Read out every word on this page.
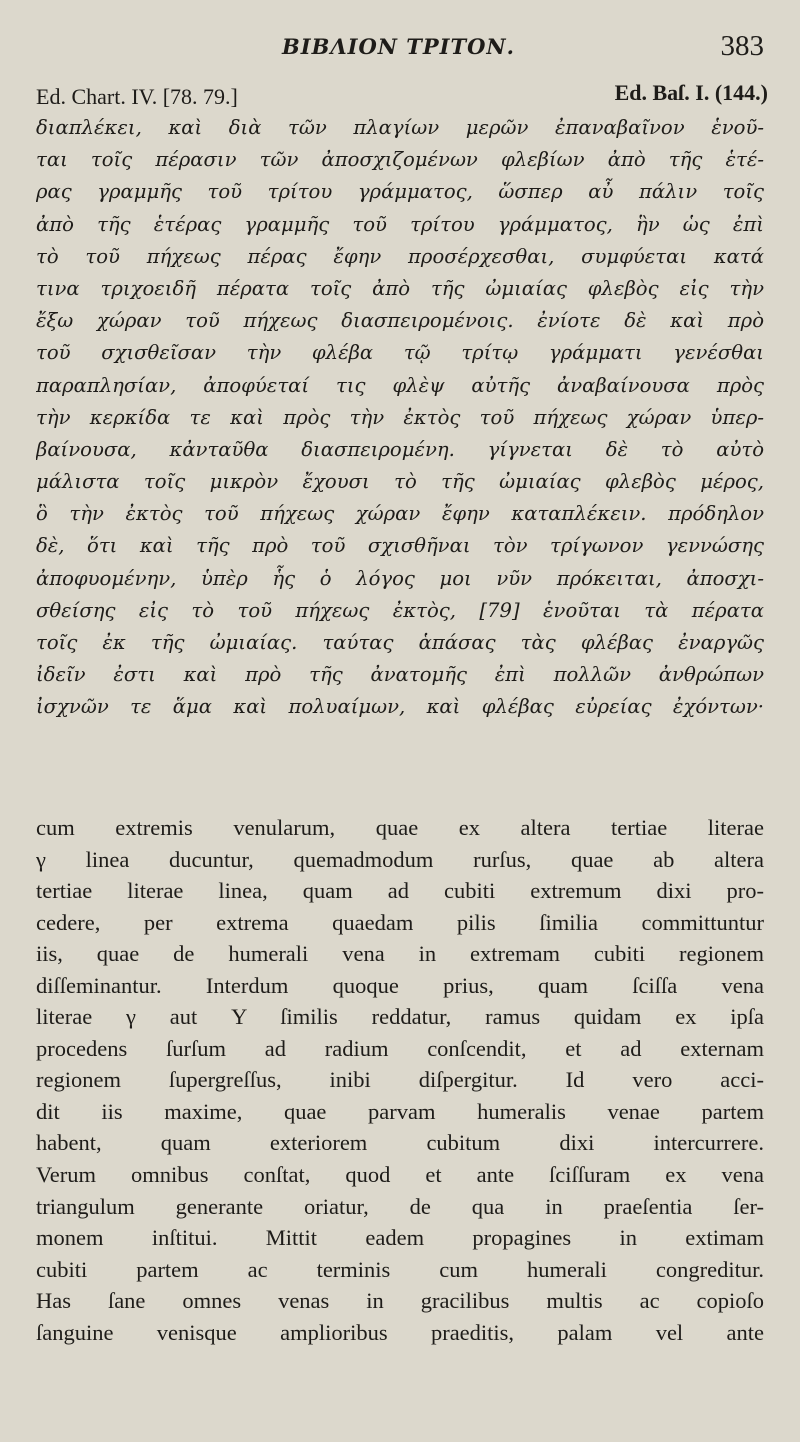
ΒΙΒΛΙΟΝ ΤΡΙΤΟΝ.	383
Ed. Chart. IV. [78. 79.]	Ed. Baſ. I. (144.)
διαπλέκει, καὶ διὰ τῶν πλαγίων μερῶν ἐπαναβαῖνον ἑνοῦ-
ται τοῖς πέρασιν τῶν ἀποσχιζομένων φλεβίων ἀπὸ τῆς ἑτέ-
ρας γραμμῆς τοῦ τρίτου γράμματος, ὥσπερ αὖ πάλιν τοῖς
ἀπὸ τῆς ἑτέρας γραμμῆς τοῦ τρίτου γράμματος, ἣν ὡς ἐπὶ
τὸ τοῦ πήχεως πέρας ἔφην προσέρχεσθαι, συμφύεται κατά
τινα τριχοειδῆ πέρατα τοῖς ἀπὸ τῆς ὠμιαίας φλεβὸς εἰς τὴν
ἔξω χώραν τοῦ πήχεως διασπειρομένοις. ἐνίοτε δὲ καὶ πρὸ
τοῦ σχισθεῖσαν τὴν φλέβα τῷ τρίτῳ γράμματι γενέσθαι
παραπλησίαν, ἀποφύεταί τις φλὲψ αὐτῆς ἀναβαίνουσα πρὸς
τὴν κερκίδα τε καὶ πρὸς τὴν ἐκτὸς τοῦ πήχεως χώραν ὑπερ-
βαίνουσα, κἀνταῦθα διασπειρομένη. γίγνεται δὲ τὸ αὐτὸ
μάλιστα τοῖς μικρὸν ἔχουσι τὸ τῆς ὠμιαίας φλεβὸς μέρος,
ὃ τὴν ἐκτὸς τοῦ πήχεως χώραν ἔφην καταπλέκειν. πρόδηλον
δὲ, ὅτι καὶ τῆς πρὸ τοῦ σχισθῆναι τὸν τρίγωνον γεννώσης
ἀποφυομένην, ὑπὲρ ἧς ὁ λόγος μοι νῦν πρόκειται, ἀποσχι-
σθείσης εἰς τὸ τοῦ πήχεως ἐκτὸς, [79] ἑνοῦται τὰ πέρατα
τοῖς ἐκ τῆς ὠμιαίας. ταύτας ἁπάσας τὰς φλέβας ἐναργῶς
ἰδεῖν ἐστι καὶ πρὸ τῆς ἀνατομῆς ἐπὶ πολλῶν ἀνθρώπων
ἰσχνῶν τε ἅμα καὶ πολυαίμων, καὶ φλέβας εὐρείας ἐχόντων·
cum extremis venularum, quae ex altera tertiae literae
γ linea ducuntur, quemadmodum rurſus, quae ab altera
tertiae literae linea, quam ad cubiti extremum dixi pro-
cedere, per extrema quaedam pilis ſimilia committuntur
iis, quae de humerali vena in extremam cubiti regionem
diſſeminantur. Interdum quoque prius, quam ſciſſa vena
literae γ aut Υ ſimilis reddatur, ramus quidam ex ipſa
procedens ſurſum ad radium conſcendit, et ad externam
regionem ſupergreſſus, inibi diſpergitur. Id vero acci-
dit iis maxime, quae parvam humeralis venae partem
habent, quam exteriorem cubitum dixi intercurrere.
Verum omnibus conſtat, quod et ante ſciſſuram ex vena
triangulum generante oriatur, de qua in praeſentia ſer-
monem inſtitui. Mittit eadem propagines in extimam
cubiti partem ac terminis cum humerali congreditur.
Has ſane omnes venas in gracilibus multis ac copioſo
ſanguine venisque amplioribus praeditis, palam vel ante
